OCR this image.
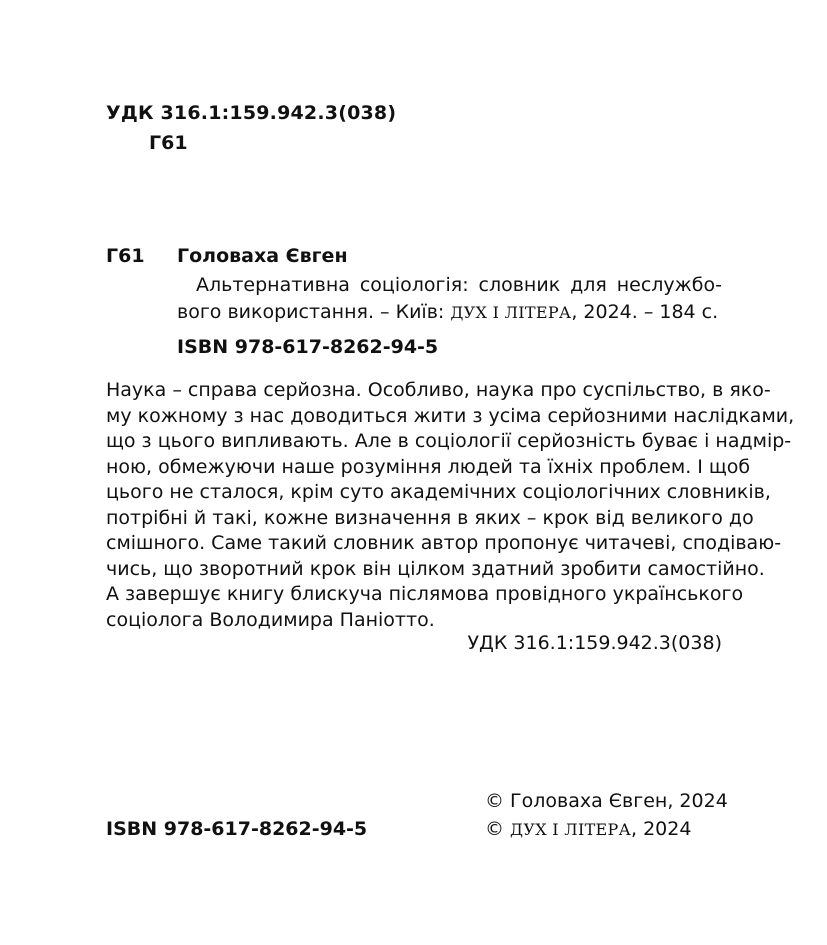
УДК 316.1:159.942.3(038)
Г61
Г61 Головаха Євген
Альтернативна соціологія: словник для неслужбо-
вого використання. – Київ: ДУХ І ЛІТЕРА, 2024. – 184 с.
ISBN 978-617-8262-94-5
Наука – справа серйозна. Особливо, наука про суспільство, в яко-
му кожному з нас доводиться жити з усіма серйозними наслідками,
що з цього випливають. Але в соціології серйозність буває і надмір-
ною, обмежуючи наше розуміння людей та їхніх проблем. І щоб
цього не сталося, крім суто академічних соціологічних словників,
потрібні й такі, кожне визначення в яких – крок від великого до
смішного. Саме такий словник автор пропонує читачеві, сподіваю-
чись, що зворотний крок він цілком здатний зробити самостійно.
А завершує книгу блискуча післямова провідного українського
соціолога Володимира Паніотто.
УДК 316.1:159.942.3(038)
© Головаха Євген, 2024
© ДУХ І ЛІТЕРА, 2024
ISBN 978-617-8262-94-5
